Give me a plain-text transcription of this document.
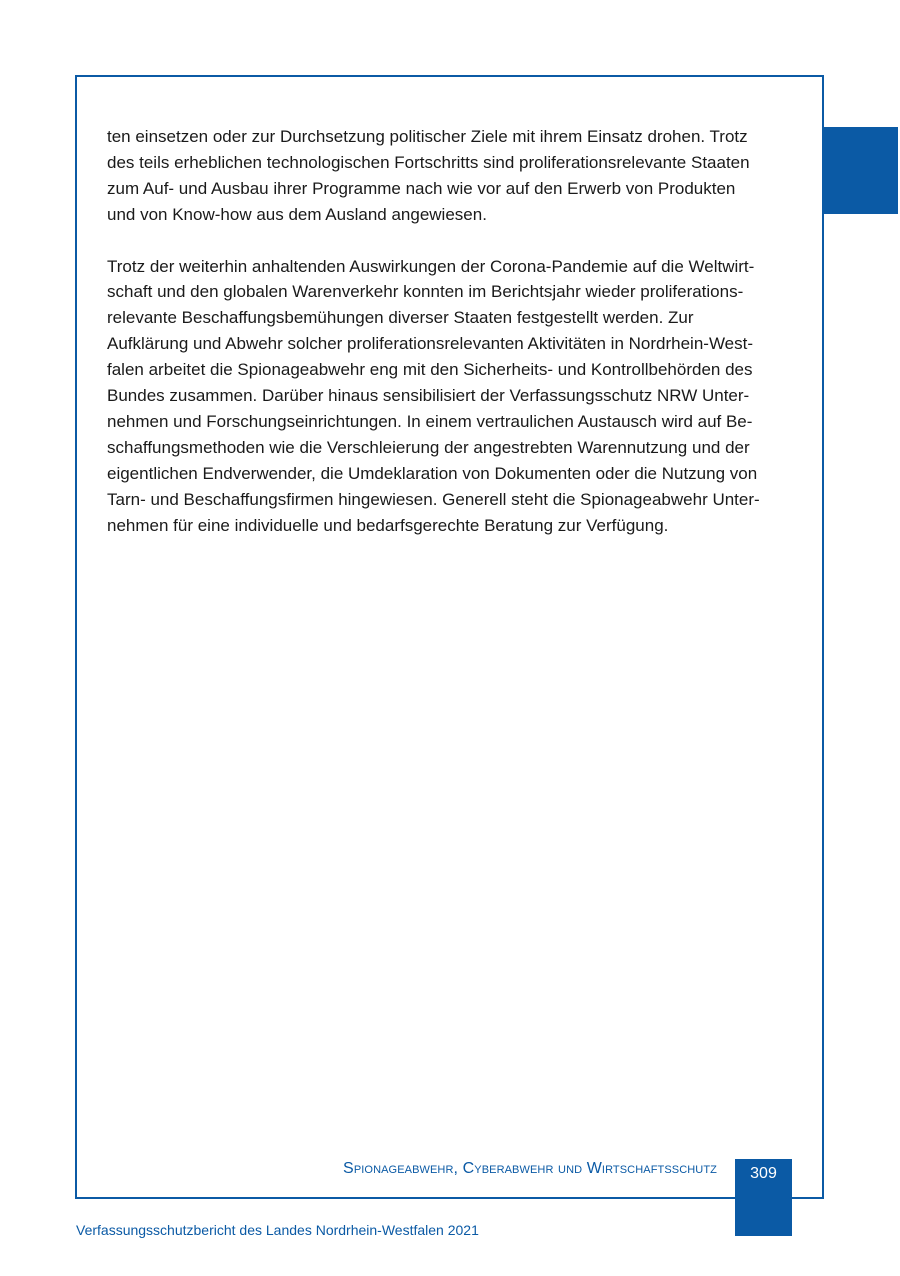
ten einsetzen oder zur Durchsetzung politischer Ziele mit ihrem Einsatz drohen. Trotz
des teils erheblichen technologischen Fortschritts sind proliferationsrelevante Staaten
zum Auf- und Ausbau ihrer Programme nach wie vor auf den Erwerb von Produkten
und von Know-how aus dem Ausland angewiesen.

Trotz der weiterhin anhaltenden Auswirkungen der Corona-Pandemie auf die Weltwirt-
schaft und den globalen Warenverkehr konnten im Berichtsjahr wieder proliferations-
relevante Beschaffungsbemühungen diverser Staaten festgestellt werden. Zur
Aufklärung und Abwehr solcher proliferationsrelevanten Aktivitäten in Nordrhein-West-
falen arbeitet die Spionageabwehr eng mit den Sicherheits- und Kontrollbehörden des
Bundes zusammen. Darüber hinaus sensibilisiert der Verfassungsschutz NRW Unter-
nehmen und Forschungseinrichtungen. In einem vertraulichen Austausch wird auf Be-
schaffungsmethoden wie die Verschleierung der angestrebten Warennutzung und der
eigentlichen Endverwender, die Umdeklaration von Dokumenten oder die Nutzung von
Tarn- und Beschaffungsfirmen hingewiesen. Generell steht die Spionageabwehr Unter-
nehmen für eine individuelle und bedarfsgerechte Beratung zur Verfügung.

Spionageabwehr, Cyberabwehr und Wirtschaftsschutz	309
Verfassungsschutzbericht des Landes Nordrhein-Westfalen 2021
